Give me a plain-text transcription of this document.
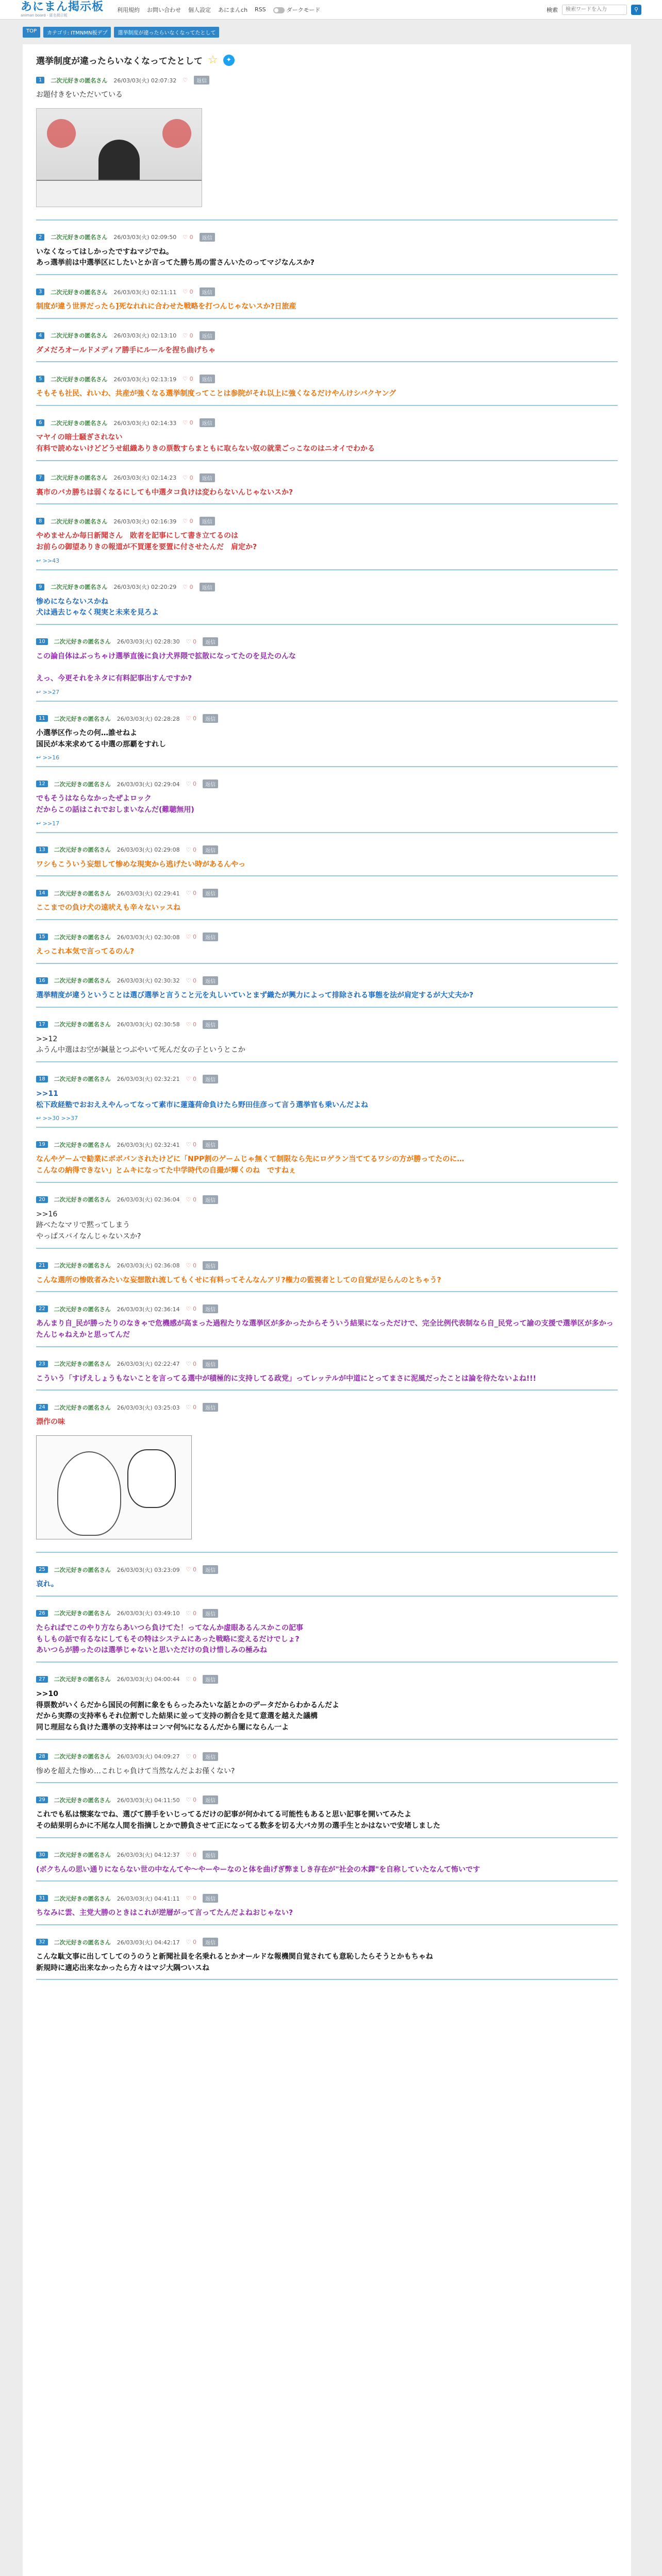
あにまん掲示板
animan board - 匿名掲示板
利用規約 お問い合わせ 個人設定 あにまんch RSS	ダークモード	検索
検索ワードを入力	⚲
TOP	カテゴリ: ITMNMN板デプ	選挙制度が違ったらいなくなってたとして
選挙制度が違ったらいなくなってたとして ☆	✦
1	二次元好きの匿名さん 26/03/03(火) 02:07:32 ♡	返信
お題付きをいただいている
2	二次元好きの匿名さん 26/03/03(火) 02:09:50 ♡ 0	返信
いなくなってはしかったですねマジでね。
あっ選挙前は中選挙区にしたいとか言ってた勝ち馬の雷さんいたのってマジなんスか?
3	二次元好きの匿名さん 26/03/03(火) 02:11:11 ♡ 0	返信
制度が違う世界だったら]死なれれに合わせた戦略を打つんじゃないスか?日旅産
4	二次元好きの匿名さん 26/03/03(火) 02:13:10 ♡ 0	返信
ダメだろオールドメディア勝手にルールを捏ち曲げちゃ
5	二次元好きの匿名さん 26/03/03(火) 02:13:19 ♡ 0	返信
そもそも社民、れいわ、共産が強くなる選挙制度ってことは参院がそれ以上に強くなるだけやんけシバクヤング
6	二次元好きの匿名さん 26/03/03(火) 02:14:33 ♡ 0	返信
マヤイの暗士騒ぎされない
有料で読めないけどどうせ組織ありきの票数すらまともに取らない奴の就業ごっこなのはニオイでわかる
7	二次元好きの匿名さん 26/03/03(火) 02:14:23 ♡ 0	返信
裏市のバカ勝ちは弱くなるにしても中選タコ負けは変わらないんじゃないスか?
8	二次元好きの匿名さん 26/03/03(火) 02:16:39 ♡ 0	返信
やめませんか毎日新聞さん　敗者を記事にして書き立てるのは
お前らの御望ありきの報道が不買運を要置に付させたんだ　肩定か?
↩ >>43
9	二次元好きの匿名さん 26/03/03(火) 02:20:29 ♡ 0	返信
惨めにならないスかね
犬は過去じゃなく現実と未来を見ろよ
10	二次元好きの匿名さん 26/03/03(火) 02:28:30 ♡ 0	返信
この論自体はぶっちゃけ選挙直後に負け犬界隈で拡散になってたのを見たのんな

えっ、今更それをネタに有料記事出すんですか?
↩ >>27
11	二次元好きの匿名さん 26/03/03(火) 02:28:28 ♡ 0	返信
小選挙区作ったの何…誰せねよ
国民が本来求めてる中選の那覇をすれし
↩ >>16
12	二次元好きの匿名さん 26/03/03(火) 02:29:04 ♡ 0	返信
でもそうはならなかったぜよロック
だからこの話はこれでおしまいなんだ(難聴無用)
↩ >>17
13	二次元好きの匿名さん 26/03/03(火) 02:29:08 ♡ 0	返信
ワシもこういう妄想して惨めな現実から逃げたい時があるんやっ
14	二次元好きの匿名さん 26/03/03(火) 02:29:41 ♡ 0	返信
ここまでの負け犬の遠吠えも辛々ないッスね
15	二次元好きの匿名さん 26/03/03(火) 02:30:08 ♡ 0	返信
えっこれ本気で言ってるのん?
16	二次元好きの匿名さん 26/03/03(火) 02:30:32 ♡ 0	返信
選挙精度が違うということは選び選挙と言うこと元を丸しいていとまず織たが興力によって排除される事態を法が肩定するが大丈夫か?
17	二次元好きの匿名さん 26/03/03(火) 02:30:58 ♡ 0	返信
>>12
ふうん中選はお空が鍼量とつぶやいて死んだ女の子というとこか
18	二次元好きの匿名さん 26/03/03(火) 02:32:21 ♡ 0	返信
>>11
松下政経塾でおおええやんってなって素市に蓮蓬荷命負けたら野田佳彦って言う選挙官も乗いんだよね
↩ >>30 >>37
19	二次元好きの匿名さん 26/03/03(火) 02:32:41 ♡ 0	返信
なんやゲームで勧業にボボバンされたけどに「NPP割のゲームじゃ無くて制限なら先にロゲラン当ててるワシの方が勝ってたのに…
こんなの納得できない」とムキになってた中学時代の自撮が輝くのね　ですねぇ
20	二次元好きの匿名さん 26/03/03(火) 02:36:04 ♡ 0	返信
>>16
跡べたなマリで黙ってしまう
やっぱスバイなんじゃないスか?
21	二次元好きの匿名さん 26/03/03(火) 02:36:08 ♡ 0	返信
こんな選所の惨敗者みたいな妄想散れ流してもくせに有料ってそんなんアリ?権力の監視者としての自覚が足らんのとちゃう?
22	二次元好きの匿名さん 26/03/03(火) 02:36:14 ♡ 0	返信
あんまり自_民が勝ったりのなきゃで危機感が高まった過程たりな選挙区が多かったからそういう結果になっただけで、完全比例代表制なら自_民党って諭の支援で選挙区が多かったんじゃねえかと思ってんだ
23	二次元好きの匿名さん 26/03/03(火) 02:22:47 ♡ 0	返信
こういう「すげえしょうもないことを言ってる選中が積極的に支持してる政党」ってレッテルが中道にとってまさに泥風だったことは論を待たないよね!!!
24	二次元好きの匿名さん 26/03/03(火) 03:25:03 ♡ 0	返信
漂作の味
25	二次元好きの匿名さん 26/03/03(火) 03:23:09 ♡ 0	返信
哀れ。
26	二次元好きの匿名さん 26/03/03(火) 03:49:10 ♡ 0	返信
たられぱでこのやり方ならあいつら負けてた！ってなんか虚眼あるんスかこの記事
もしもの話で有るなにしてもその特はシステムにあった戦略に変えるだけでしょ?
あいつらが勝ったのは選挙じゃないと思いただけの負け惜しみの極みね
27	二次元好きの匿名さん 26/03/03(火) 04:00:44 ♡ 0	返信
>>10
得票数がいくらだから国民の何割に象をもらったみたいな話とかのデータだからわかるんだよ
だから実際の支持率もそれ位割でした結果に並って支持の割合を見て意選を越えた議構
同じ理屈なら負けた選挙の支持率はコンマ何%になるんだから闇にならん一よ
28	二次元好きの匿名さん 26/03/03(火) 04:09:27 ♡ 0	返信
惨めを超えた惨め…これじゃ負けて当然なんだよお僅くない?
29	二次元好きの匿名さん 26/03/03(火) 04:11:50 ♡ 0	返信
これでも私は懐案なでね、選びて勝手をいじってるだけの記事が何かれてる可能性もあると思い記事を開いてみたよ
その結果明らかに不尾な人間を指摘しとかで勝負させて正になってる数多を切る大バカ男の選手生とかはないで安堵しました
30	二次元好きの匿名さん 26/03/03(火) 04:12:37 ♡ 0	返信
(ボクちんの思い通りにならない世の中なんてや〜やーやーなのと体を曲げぎ弊ましき存在が"社会の木鐸"を自称していたなんて怖いです
31	二次元好きの匿名さん 26/03/03(火) 04:41:11 ♡ 0	返信
ちなみに雲、主党大勝のときはこれが逆層がって言ってたんだよねおじゃない?
32	二次元好きの匿名さん 26/03/03(火) 04:42:17 ♡ 0	返信
こんな駄文事に出してしてのうのうと新聞社員を名乗れるとかオールドな報機関自覚されても意恥したらそうとかもちゃね
新規時に適応出来なかったら方々はマジ大隅ついスね
